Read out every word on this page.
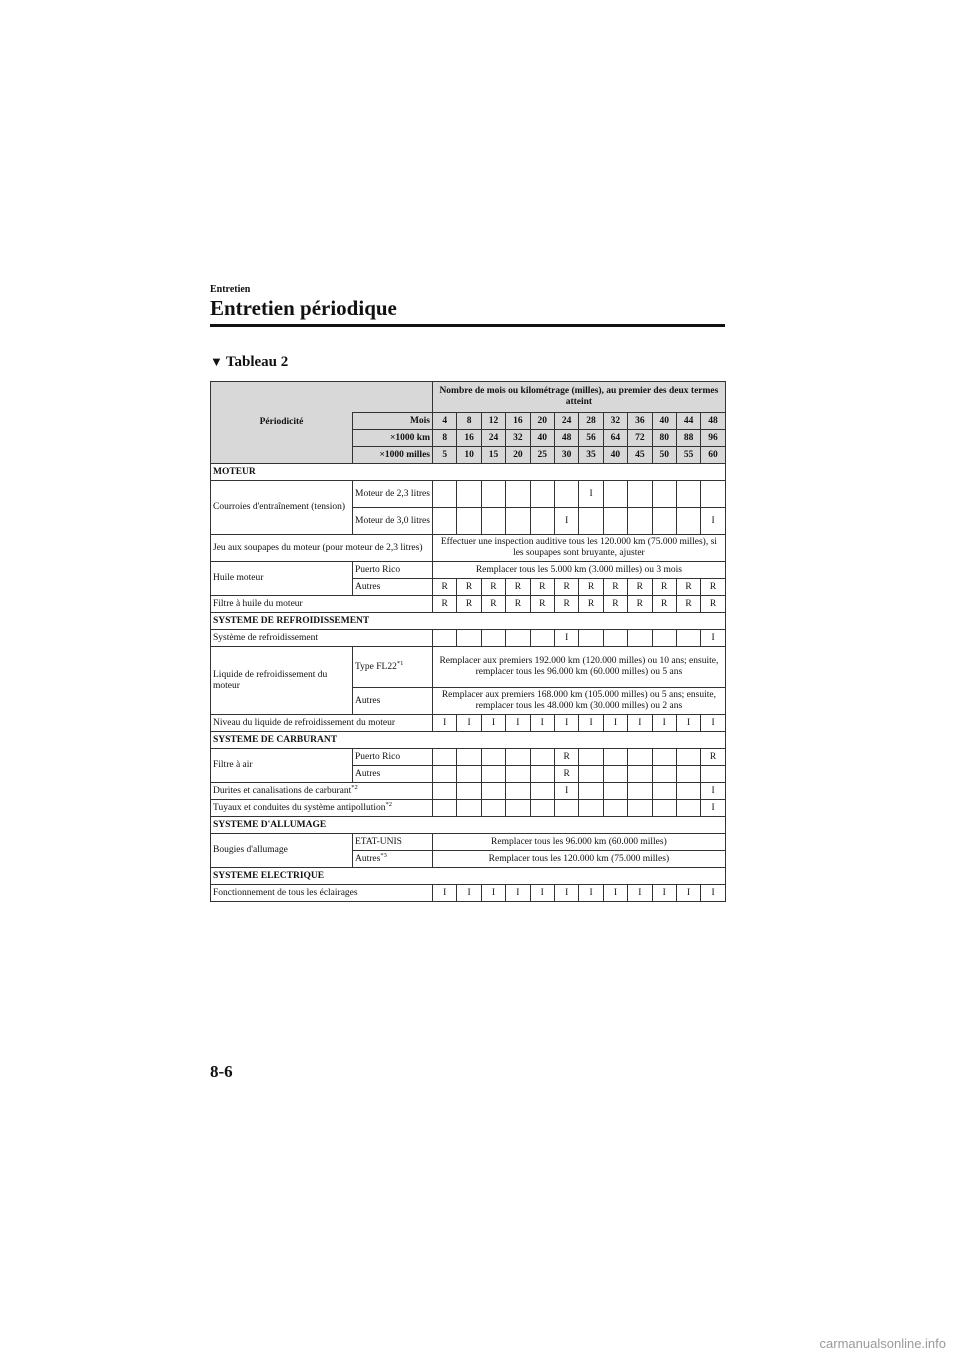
Entretien
Entretien périodique
▼ Tableau 2
Périodicité		Nombre de mois ou kilométrage (milles), au premier des deux termes atteint											
	Mois	4	8	12	16	20	24	28	32	36	40	44	48
	×1000 km	8	16	24	32	40	48	56	64	72	80	88	96
	×1000 milles	5	10	15	20	25	30	35	40	45	50	55	60
MOTEUR													
Courroies d'entraînement (tension)	Moteur de 2,3 litres							I					
	Moteur de 3,0 litres						I						I
Jeu aux soupapes du moteur (pour moteur de 2,3 litres)		Effectuer une inspection auditive tous les 120.000 km (75.000 milles), si les soupapes sont bruyante, ajuster											
Huile moteur	Puerto Rico	Remplacer tous les 5.000 km (3.000 milles) ou 3 mois											
	Autres	R	R	R	R	R	R	R	R	R	R	R	R
Filtre à huile du moteur		R	R	R	R	R	R	R	R	R	R	R	R
SYSTEME DE REFROIDISSEMENT													
Système de refroidissement							I						I
Liquide de refroidissement du moteur	Type FL22$^{*1}$	Remplacer aux premiers 192.000 km (120.000 milles) ou 10 ans; ensuite, remplacer tous les 96.000 km (60.000 milles) ou 5 ans											
	Autres	Remplacer aux premiers 168.000 km (105.000 milles) ou 5 ans; ensuite, remplacer tous les 48.000 km (30.000 milles) ou 2 ans											
Niveau du liquide de refroidissement du moteur		I	I	I	I	I	I	I	I	I	I	I	I
SYSTEME DE CARBURANT													
Filtre à air	Puerto Rico						R						R
	Autres						R						
Durites et canalisations de carburant$^{*2}$							I						I
Tuyaux et conduites du système antipollution$^{*2}$													I
SYSTEME D'ALLUMAGE													
Bougies d'allumage	ETAT-UNIS	Remplacer tous les 96.000 km (60.000 milles)											
	Autres$^{*3}$	Remplacer tous les 120.000 km (75.000 milles)											
SYSTEME ELECTRIQUE													
Fonctionnement de tous les éclairages		I	I	I	I	I	I	I	I	I	I	I	I
8-6
carmanualsonline.info
